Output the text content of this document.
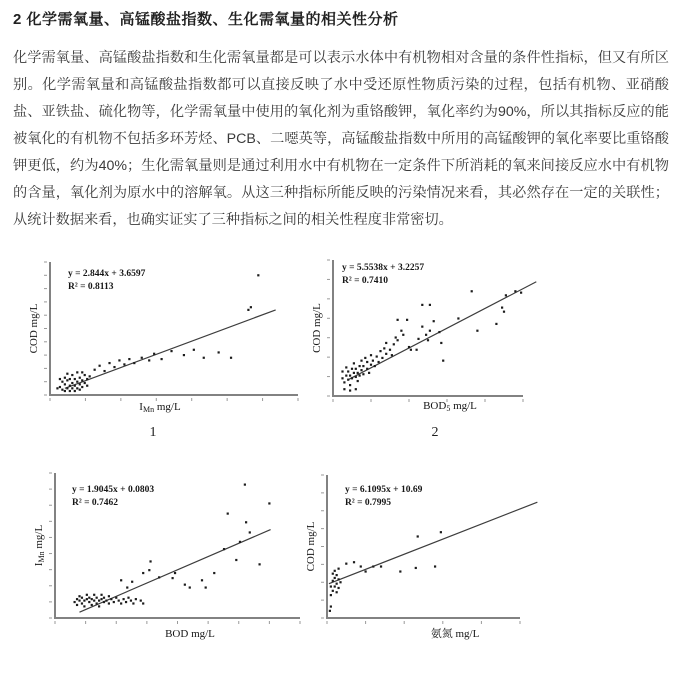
2 化学需氧量、高锰酸盐指数、生化需氧量的相关性分析

化学需氧量、高锰酸盐指数和生化需氧量都是可以表示水体中有机物相对含量的条件性指标，但又有所区别。化学需氧量和高锰酸盐指数都可以直接反映了水中受还原性物质污染的过程，包括有机物、亚硝酸盐、亚铁盐、硫化物等，化学需氧量中使用的氧化剂为重铬酸钾，氧化率约为90%，所以其指标反应的能被氧化的有机物不包括多环芳烃、PCB、二噁英等，高锰酸盐指数中所用的高锰酸钾的氧化率要比重铬酸钾更低，约为40%；生化需氧量则是通过利用水中有机物在一定条件下所消耗的氧来间接反应水中有机物的含量，氧化剂为原水中的溶解氧。从这三种指标所能反映的污染情况来看，其必然存在一定的关联性；从统计数据来看，也确实证实了三种指标之间的相关性程度非常密切。

y = 2.844x + 3.6597
R² = 0.8113
IMn mg/L
COD mg/L
y = 5.5538x + 3.2257
R² = 0.7410
BOD5 mg/L
COD mg/L
1	2
y = 1.9045x + 0.0803
R² = 0.7462
BOD mg/L
IMn mg/L
y = 6.1095x + 10.69
R² = 0.7995
氨氮 mg/L
COD mg/L
